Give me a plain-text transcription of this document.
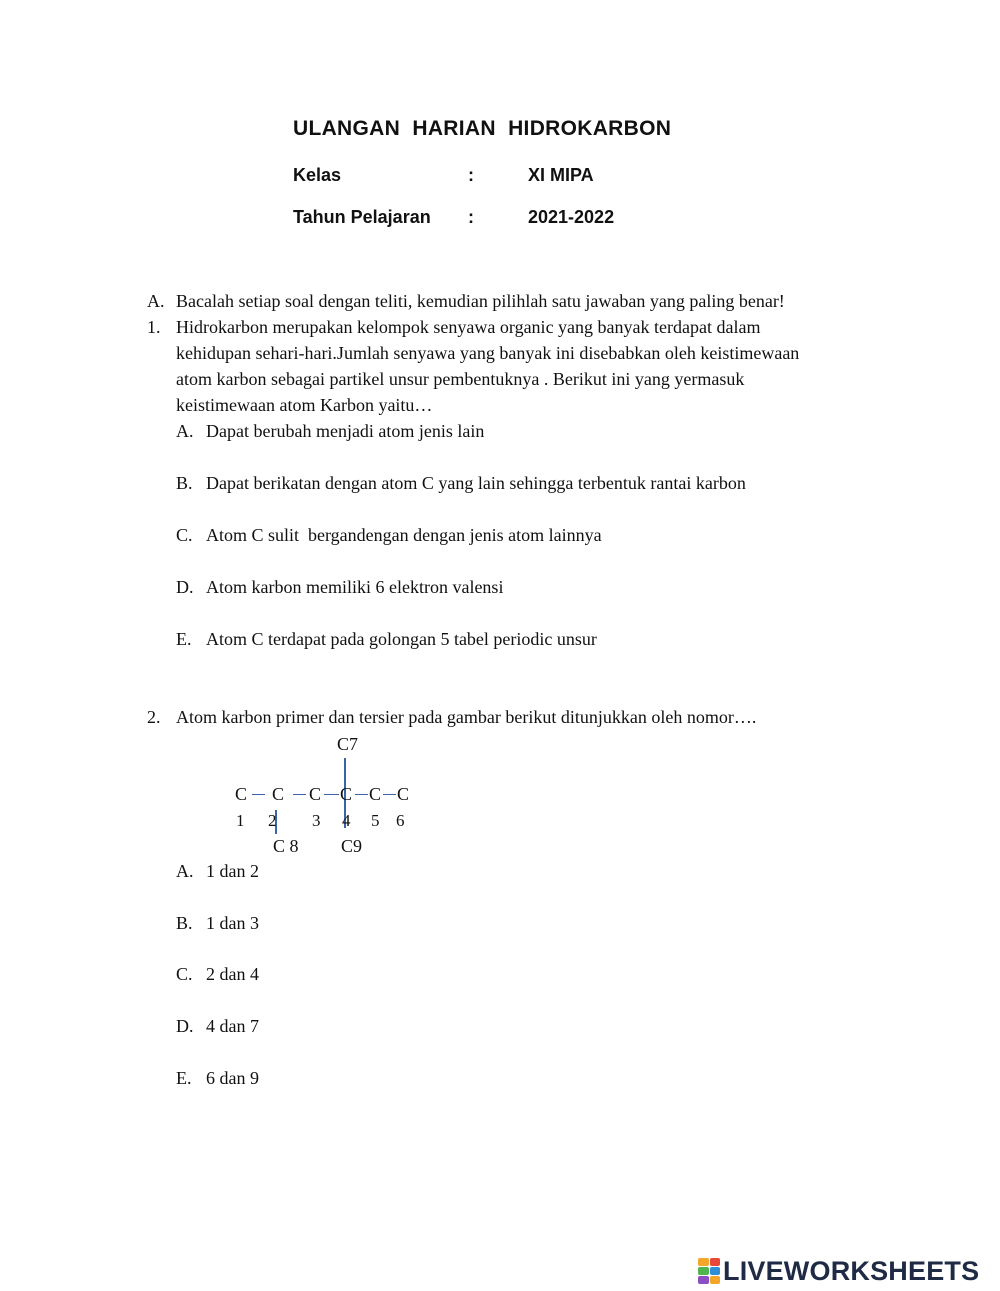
ULANGAN  HARIAN  HIDROKARBON
Kelas	:	XI MIPA
Tahun Pelajaran :	2021-2022
A. Bacalah setiap soal dengan teliti, kemudian pilihlah satu jawaban yang paling benar!
1. Hidrokarbon merupakan kelompok senyawa organic yang banyak terdapat dalam
kehidupan sehari-hari.Jumlah senyawa yang banyak ini disebabkan oleh keistimewaan
atom karbon sebagai partikel unsur pembentuknya . Berikut ini yang yermasuk
keistimewaan atom Karbon yaitu…
A. Dapat berubah menjadi atom jenis lain
B. Dapat berikatan dengan atom C yang lain sehingga terbentuk rantai karbon
C. Atom C sulit  bergandengan dengan jenis atom lainnya
D. Atom karbon memiliki 6 elektron valensi
E. Atom C terdapat pada golongan 5 tabel periodic unsur
2. Atom karbon primer dan tersier pada gambar berikut ditunjukkan oleh nomor….
C7
C C C C C C
1 2 3 4 5 6
C 8 C9
A. 1 dan 2
B. 1 dan 3
C. 2 dan 4
D. 4 dan 7
E. 6 dan 9
LIVEWORKSHEETS
